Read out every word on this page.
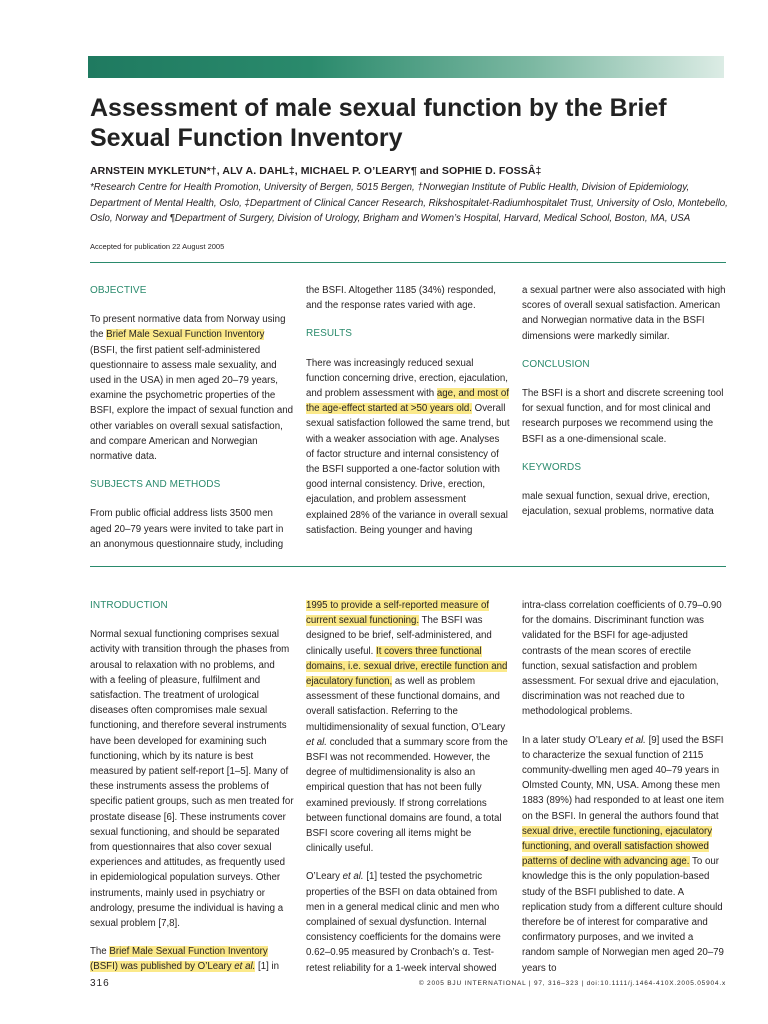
Assessment of male sexual function by the Brief Sexual Function Inventory
ARNSTEIN MYKLETUN*†, ALV A. DAHL‡, MICHAEL P. O’LEARY¶ and SOPHIE D. FOSSÂ‡
*Research Centre for Health Promotion, University of Bergen, 5015 Bergen, †Norwegian Institute of Public Health, Division of Epidemiology, Department of Mental Health, Oslo, ‡Department of Clinical Cancer Research, Rikshospitalet-Radiumhospitalet Trust, University of Oslo, Montebello, Oslo, Norway and ¶Department of Surgery, Division of Urology, Brigham and Women’s Hospital, Harvard, Medical School, Boston, MA, USA
Accepted for publication 22 August 2005
OBJECTIVE

To present normative data from Norway using the Brief Male Sexual Function Inventory (BSFI, the first patient self-administered questionnaire to assess male sexuality, and used in the USA) in men aged 20–79 years, examine the psychometric properties of the BSFI, explore the impact of sexual function and other variables on overall sexual satisfaction, and compare American and Norwegian normative data.

SUBJECTS AND METHODS

From public official address lists 3500 men aged 20–79 years were invited to take part in an anonymous questionnaire study, including

the BSFI. Altogether 1185 (34%) responded, and the response rates varied with age.

RESULTS

There was increasingly reduced sexual function concerning drive, erection, ejaculation, and problem assessment with age, and most of the age-effect started at >50 years old. Overall sexual satisfaction followed the same trend, but with a weaker association with age. Analyses of factor structure and internal consistency of the BSFI supported a one-factor solution with good internal consistency. Drive, erection, ejaculation, and problem assessment explained 28% of the variance in overall sexual satisfaction. Being younger and having

a sexual partner were also associated with high scores of overall sexual satisfaction. American and Norwegian normative data in the BSFI dimensions were markedly similar.

CONCLUSION

The BSFI is a short and discrete screening tool for sexual function, and for most clinical and research purposes we recommend using the BSFI as a one-dimensional scale.

KEYWORDS

male sexual function, sexual drive, erection, ejaculation, sexual problems, normative data

INTRODUCTION

Normal sexual functioning comprises sexual activity with transition through the phases from arousal to relaxation with no problems, and with a feeling of pleasure, fulfilment and satisfaction. The treatment of urological diseases often compromises male sexual functioning, and therefore several instruments have been developed for examining such functioning, which by its nature is best measured by patient self-report [1–5]. Many of these instruments assess the problems of specific patient groups, such as men treated for prostate disease [6]. These instruments cover sexual functioning, and should be separated from questionnaires that also cover sexual experiences and attitudes, as frequently used in epidemiological population surveys. Other instruments, mainly used in psychiatry or andrology, presume the individual is having a sexual problem [7,8].

The Brief Male Sexual Function Inventory (BSFI) was published by O’Leary et al. [1] in

1995 to provide a self-reported measure of current sexual functioning. The BSFI was designed to be brief, self-administered, and clinically useful. It covers three functional domains, i.e. sexual drive, erectile function and ejaculatory function, as well as problem assessment of these functional domains, and overall satisfaction. Referring to the multidimensionality of sexual function, O’Leary et al. concluded that a summary score from the BSFI was not recommended. However, the degree of multidimensionality is also an empirical question that has not been fully examined previously. If strong correlations between functional domains are found, a total BSFI score covering all items might be clinically useful.

O’Leary et al. [1] tested the psychometric properties of the BSFI on data obtained from men in a general medical clinic and men who complained of sexual dysfunction. Internal consistency coefficients for the domains were 0.62–0.95 measured by Cronbach’s α. Test-retest reliability for a 1-week interval showed

intra-class correlation coefficients of 0.79–0.90 for the domains. Discriminant function was validated for the BSFI for age-adjusted contrasts of the mean scores of erectile function, sexual satisfaction and problem assessment. For sexual drive and ejaculation, discrimination was not reached due to methodological problems.

In a later study O’Leary et al. [9] used the BSFI to characterize the sexual function of 2115 community-dwelling men aged 40–79 years in Olmsted County, MN, USA. Among these men 1883 (89%) had responded to at least one item on the BSFI. In general the authors found that sexual drive, erectile functioning, ejaculatory functioning, and overall satisfaction showed patterns of decline with advancing age. To our knowledge this is the only population-based study of the BSFI published to date. A replication study from a different culture should therefore be of interest for comparative and confirmatory purposes, and we invited a random sample of Norwegian men aged 20–79 years to

316	© 2005 BJU INTERNATIONAL | 97, 316–323 | doi:10.1111/j.1464-410X.2005.05904.x
